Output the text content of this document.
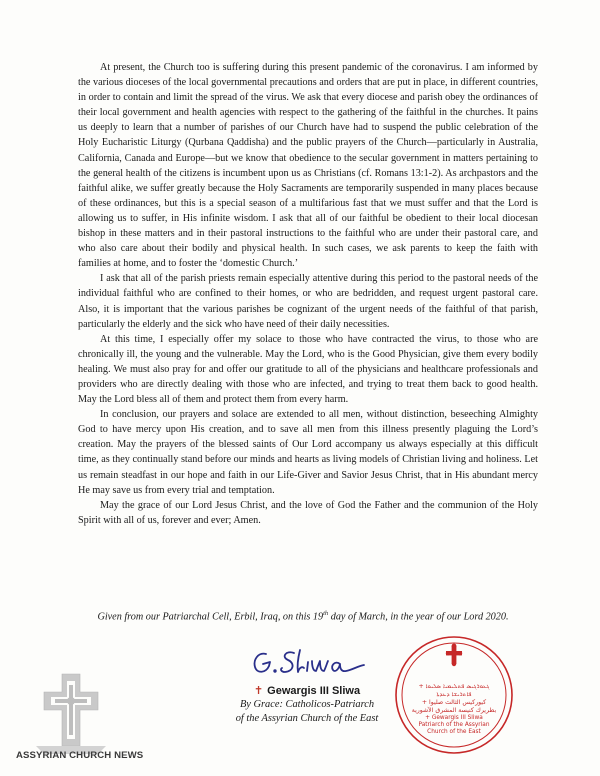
At present, the Church too is suffering during this present pandemic of the coronavirus. I am informed by the various dioceses of the local governmental precautions and orders that are put in place, in different countries, in order to contain and limit the spread of the virus. We ask that every diocese and parish obey the ordinances of their local government and health agencies with respect to the gathering of the faithful in the churches. It pains us deeply to learn that a number of parishes of our Church have had to suspend the public celebration of the Holy Eucharistic Liturgy (Qurbana Qaddisha) and the public prayers of the Church—particularly in Australia, California, Canada and Europe—but we know that obedience to the secular government in matters pertaining to the general health of the citizens is incumbent upon us as Christians (cf. Romans 13:1-2). As archpastors and the faithful alike, we suffer greatly because the Holy Sacraments are temporarily suspended in many places because of these ordinances, but this is a special season of a multifarious fast that we must suffer and that the Lord is allowing us to suffer, in His infinite wisdom. I ask that all of our faithful be obedient to their local diocesan bishop in these matters and in their pastoral instructions to the faithful who are under their pastoral care, and who also care about their bodily and physical health. In such cases, we ask parents to keep the faith with families at home, and to foster the ‘domestic Church.’

I ask that all of the parish priests remain especially attentive during this period to the pastoral needs of the individual faithful who are confined to their homes, or who are bedridden, and request urgent pastoral care. Also, it is important that the various parishes be cognizant of the urgent needs of the faithful of that parish, particularly the elderly and the sick who have need of their daily necessities.

At this time, I especially offer my solace to those who have contracted the virus, to those who are chronically ill, the young and the vulnerable. May the Lord, who is the Good Physician, give them every bodily healing. We must also pray for and offer our gratitude to all of the physicians and healthcare professionals and providers who are directly dealing with those who are infected, and trying to treat them back to good health. May the Lord bless all of them and protect them from every harm.

In conclusion, our prayers and solace are extended to all men, without distinction, beseeching Almighty God to have mercy upon His creation, and to save all men from this illness presently plaguing the Lord’s creation. May the prayers of the blessed saints of Our Lord accompany us always especially at this difficult time, as they continually stand before our minds and hearts as living models of Christian living and holiness. Let us remain steadfast in our hope and faith in our Life-Giver and Savior Jesus Christ, that in His abundant mercy He may save us from every trial and temptation.

May the grace of our Lord Jesus Christ, and the love of God the Father and the communion of the Holy Spirit with all of us, forever and ever; Amen.

Given from our Patriarchal Cell, Erbil, Iraq, on this 19th day of March, in the year of our Lord 2020.
✝ Gewargis III Sliwa
By Grace: Catholicos-Patriarch
of the Assyrian Church of the East
+ ܓܥܘܪܓܝܣ ܦܬܠܝܡܝܐ ܣܠܝܘܐ
ܦܐܬܪܝܫܐ ܕܥܕܬܐ
+ كيوركيس الثالث صليوا
بطريرك كنيسة المشرق الآشورية
+ Gewargis III Sliwa
Patriarch of the Assyrian
Church of the East
ASSYRIAN CHURCH NEWS
